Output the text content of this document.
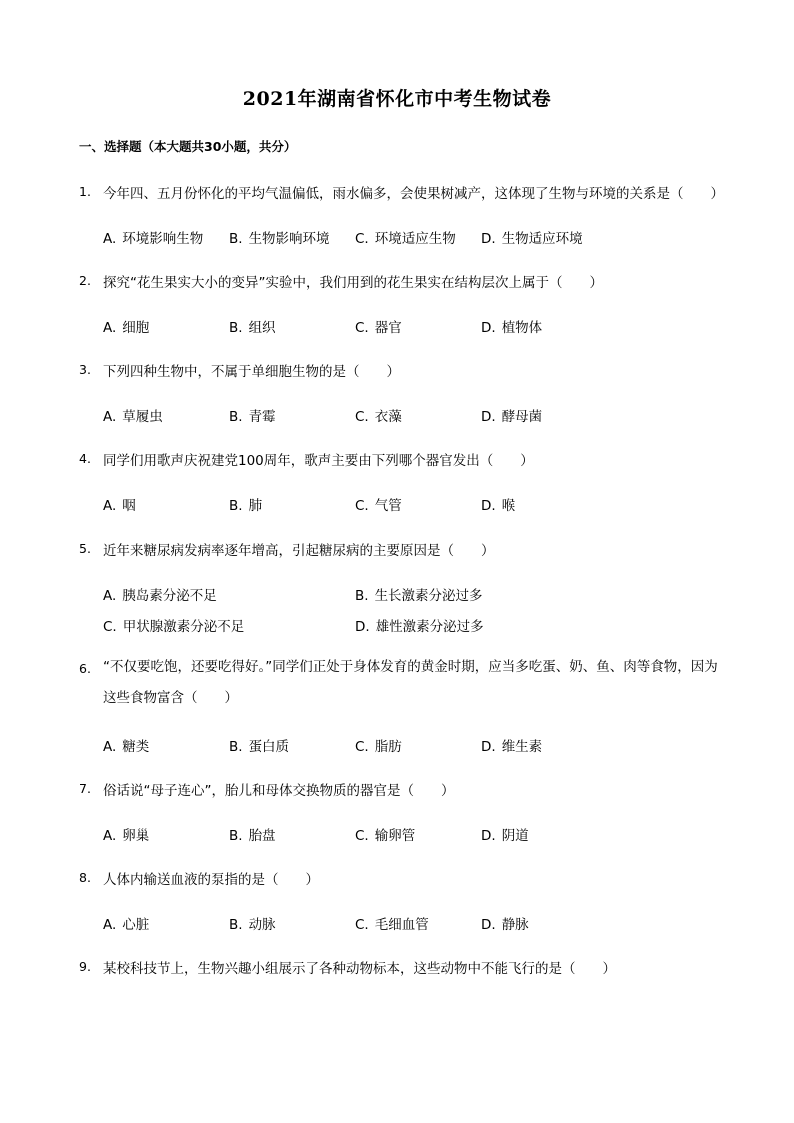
2021年湖南省怀化市中考生物试卷
一、选择题（本大题共30小题，共分）
1. 今年四、五月份怀化的平均气温偏低，雨水偏多，会使果树减产，这体现了生物与环境的关系是（　　）
A. 环境影响生物 B. 生物影响环境 C. 环境适应生物 D. 生物适应环境
2. 探究“花生果实大小的变异”实验中，我们用到的花生果实在结构层次上属于（　　）
A. 细胞	B. 组织	C. 器官	D. 植物体
3. 下列四种生物中，不属于单细胞生物的是（　　）
A. 草履虫	B. 青霉	C. 衣藻	D. 酵母菌
4. 同学们用歌声庆祝建党100周年，歌声主要由下列哪个器官发出（　　）
A. 咽	B. 肺	C. 气管	D. 喉
5. 近年来糖尿病发病率逐年增高，引起糖尿病的主要原因是（　　）
A. 胰岛素分泌不足	B. 生长激素分泌过多
C. 甲状腺激素分泌不足	D. 雄性激素分泌过多
6. “不仅要吃饱，还要吃得好。”同学们正处于身体发育的黄金时期，应当多吃蛋、奶、鱼、肉等食物，因为这些食物富含（　　）
A. 糖类	B. 蛋白质	C. 脂肪	D. 维生素
7. 俗话说“母子连心”，胎儿和母体交换物质的器官是（　　）
A. 卵巢	B. 胎盘	C. 输卵管	D. 阴道
8. 人体内输送血液的泵指的是（　　）
A. 心脏	B. 动脉	C. 毛细血管	D. 静脉
9. 某校科技节上，生物兴趣小组展示了各种动物标本，这些动物中不能飞行的是（　　）
